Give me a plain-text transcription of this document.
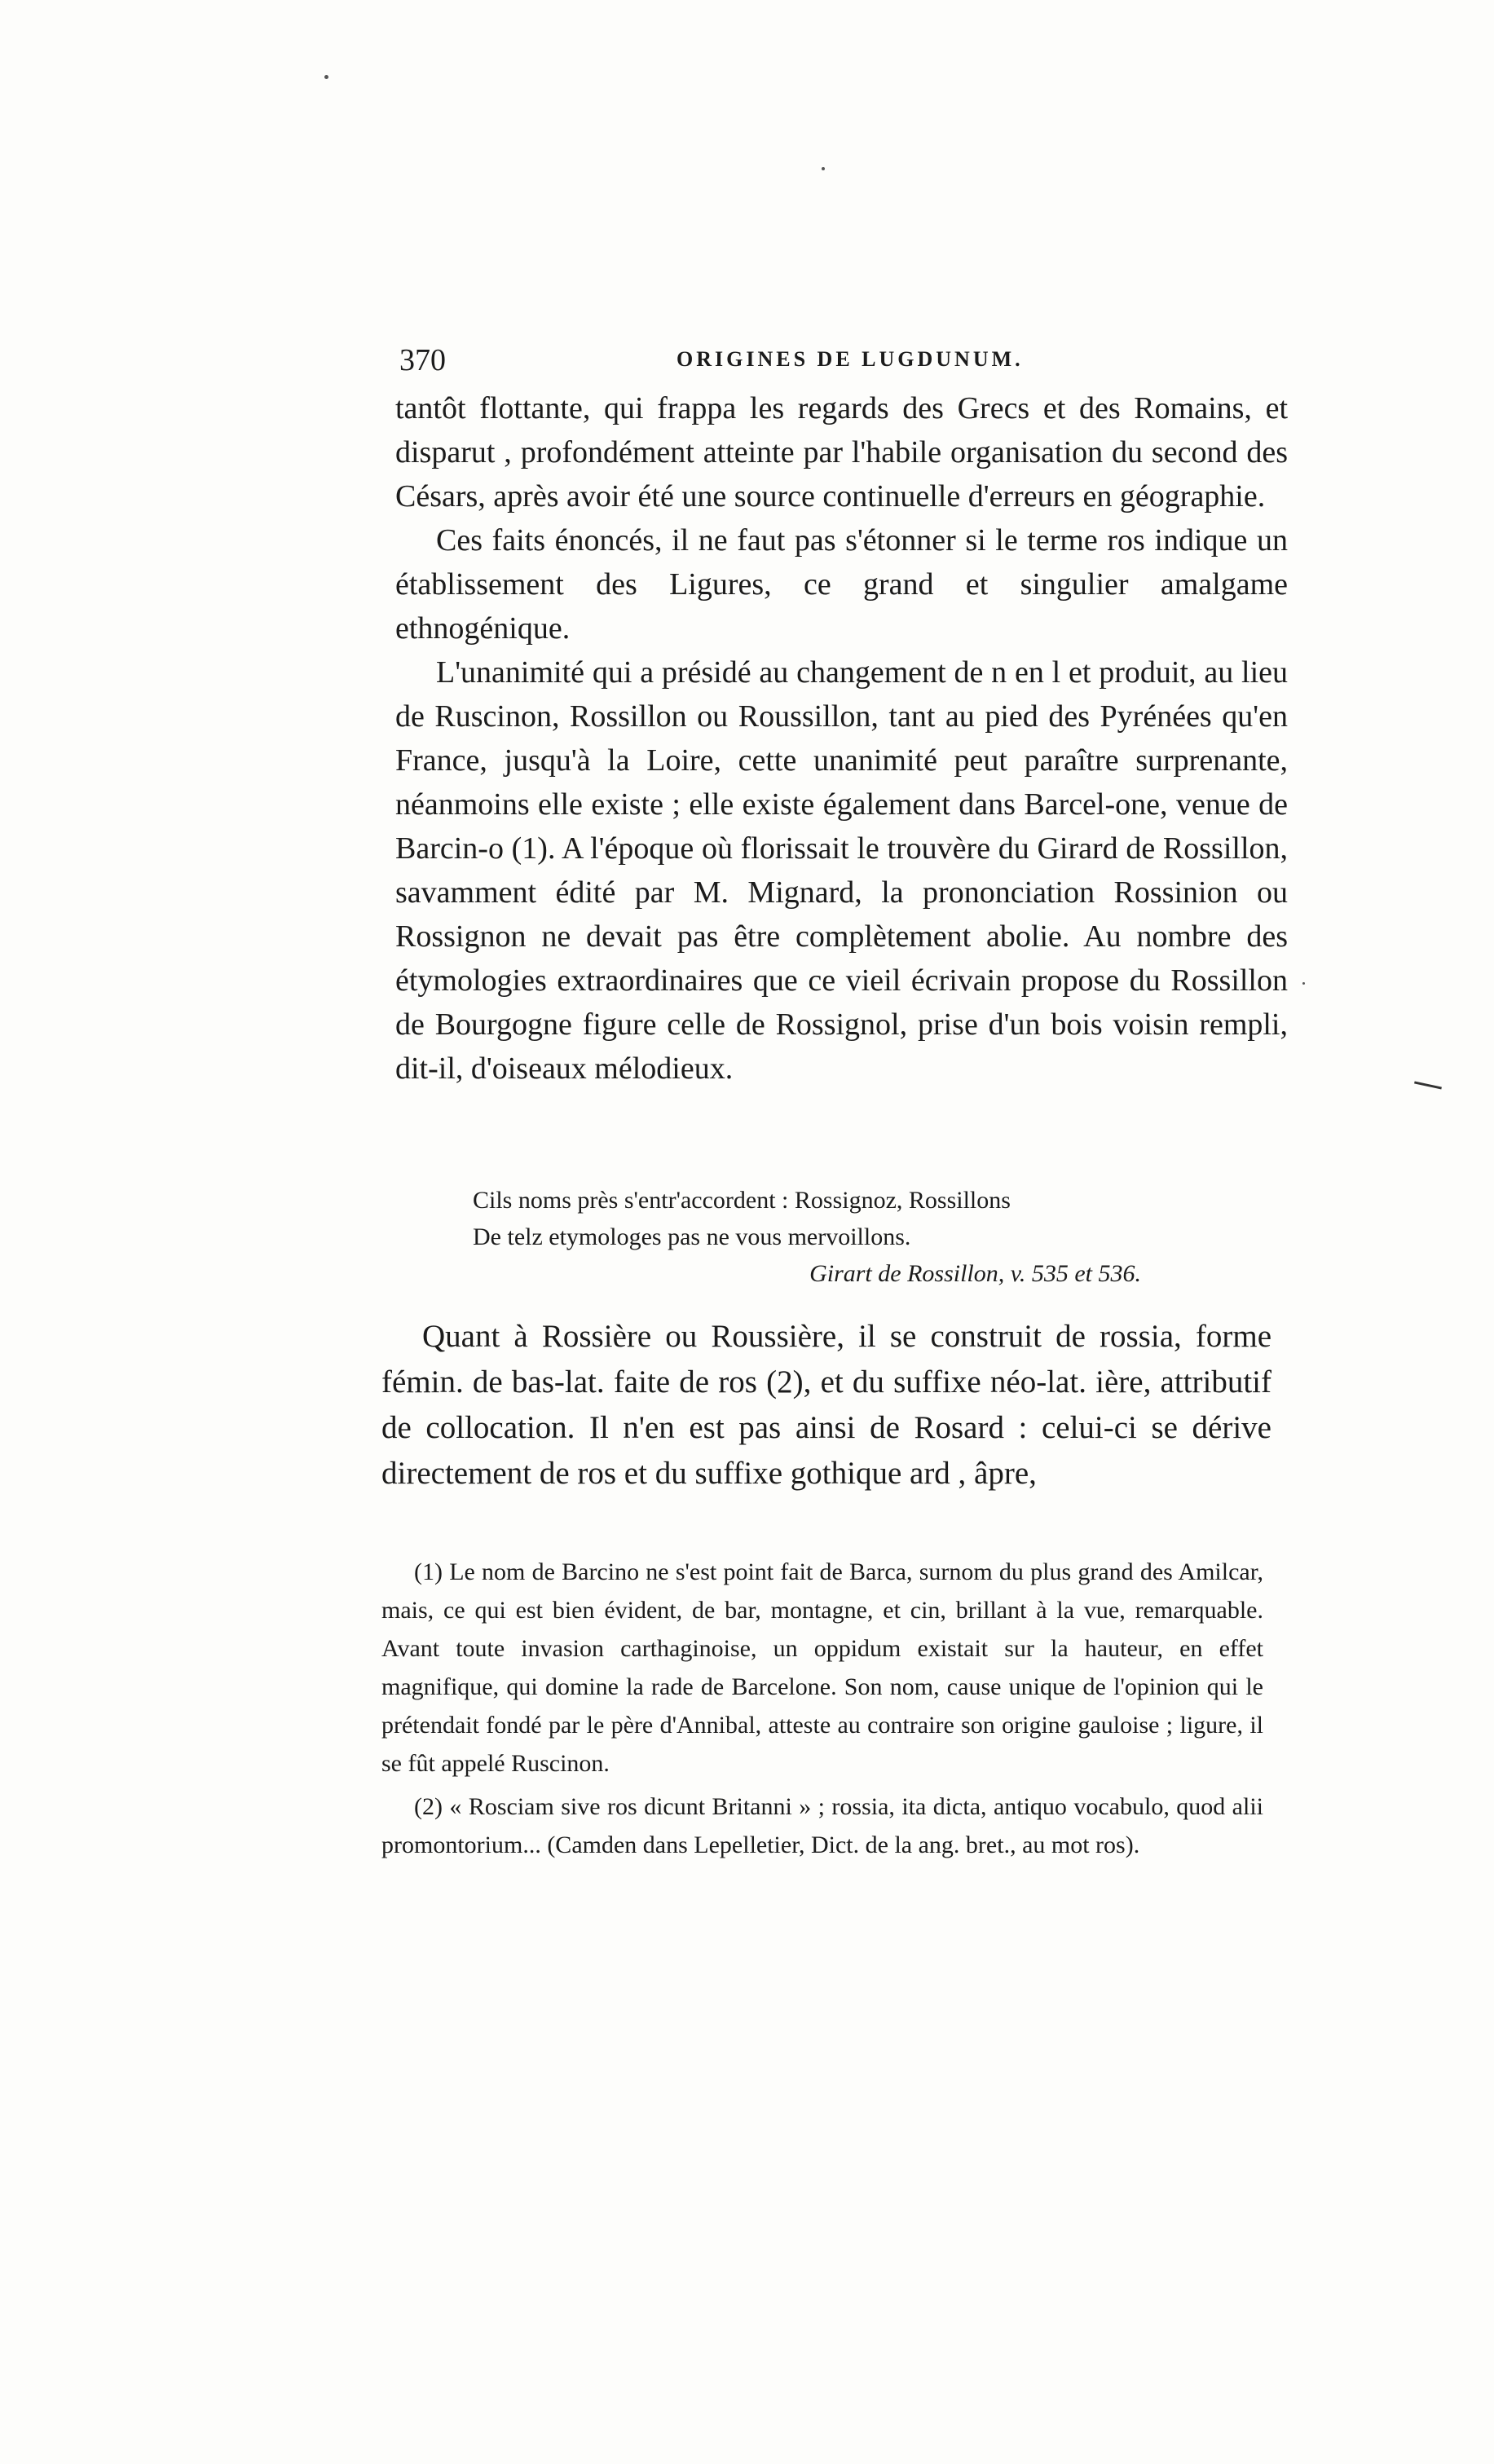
370	ORIGINES DE LUGDUNUM.

tantôt flottante, qui frappa les regards des Grecs et des Romains, et disparut , profondément atteinte par l'habile organisation du second des Césars, après avoir été une source continuelle d'erreurs en géographie.

Ces faits énoncés, il ne faut pas s'étonner si le terme ros indique un établissement des Ligures, ce grand et singulier amalgame ethnogénique.

L'unanimité qui a présidé au changement de n en l et produit, au lieu de Ruscinon, Rossillon ou Roussillon, tant au pied des Pyrénées qu'en France, jusqu'à la Loire, cette unanimité peut paraître surprenante, néanmoins elle existe ; elle existe également dans Barcel-one, venue de Barcin-o (1). A l'époque où florissait le trouvère du Girard de Rossillon, savamment édité par M. Mignard, la prononciation Rossinion ou Rossignon ne devait pas être complètement abolie. Au nombre des étymologies extraordinaires que ce vieil écrivain propose du Rossillon de Bourgogne figure celle de Rossignol, prise d'un bois voisin rempli, dit-il, d'oiseaux mélodieux.

Cils noms près s'entr'accordent : Rossignoz, Rossillons
De telz etymologes pas ne vous mervoillons.
Girart de Rossillon, v. 535 et 536.

Quant à Rossière ou Roussière, il se construit de rossia, forme fémin. de bas-lat. faite de ros (2), et du suffixe néo-lat. ière, attributif de collocation. Il n'en est pas ainsi de Rosard : celui-ci se dérive directement de ros et du suffixe gothique ard , âpre,

(1) Le nom de Barcino ne s'est point fait de Barca, surnom du plus grand des Amilcar, mais, ce qui est bien évident, de bar, montagne, et cin, brillant à la vue, remarquable. Avant toute invasion carthaginoise, un oppidum existait sur la hauteur, en effet magnifique, qui domine la rade de Barcelone. Son nom, cause unique de l'opinion qui le prétendait fondé par le père d'Annibal, atteste au contraire son origine gauloise ; ligure, il se fût appelé Ruscinon.

(2) « Rosciam sive ros dicunt Britanni » ; rossia, ita dicta, antiquo vocabulo, quod alii promontorium... (Camden dans Lepelletier, Dict. de la ang. bret., au mot ros).
